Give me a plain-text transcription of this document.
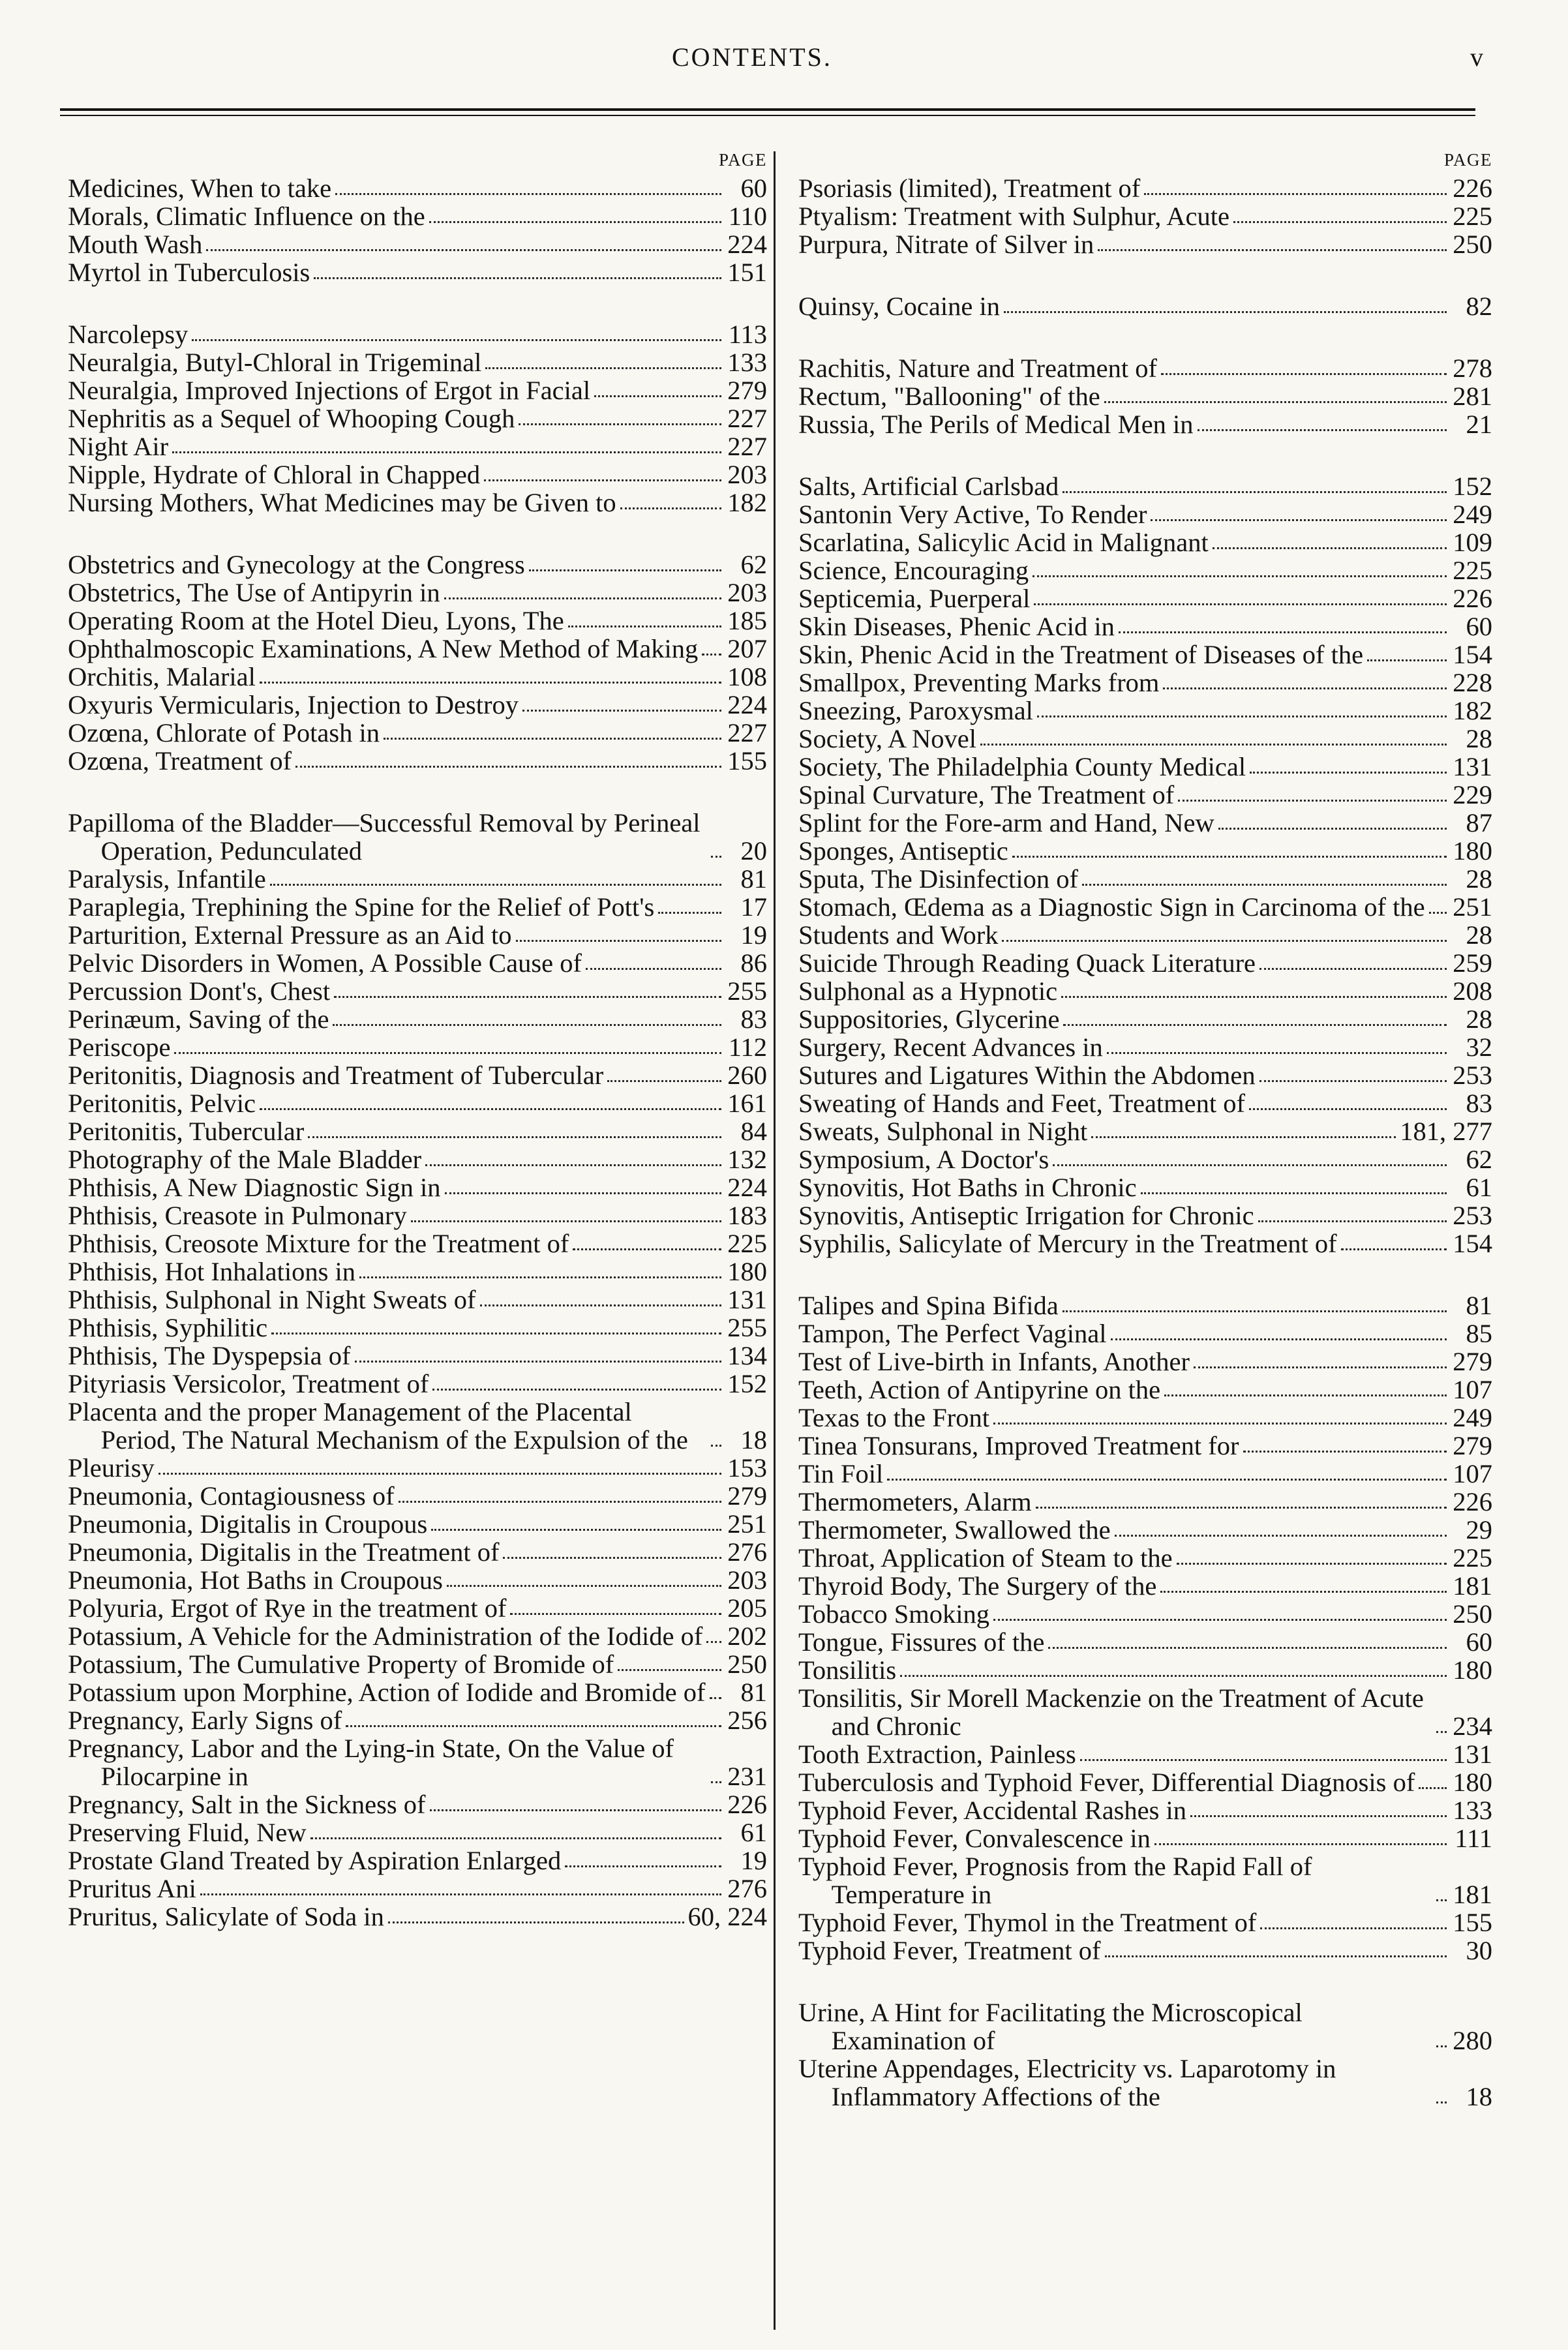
CONTENTS.	v
PAGE
Medicines, When to take	60
Morals, Climatic Influence on the	110
Mouth Wash	224
Myrtol in Tuberculosis	151
Narcolepsy	113
Neuralgia, Butyl-Chloral in Trigeminal	133
Neuralgia, Improved Injections of Ergot in Facial	279
Nephritis as a Sequel of Whooping Cough	227
Night Air	227
Nipple, Hydrate of Chloral in Chapped	203
Nursing Mothers, What Medicines may be Given to	182
Obstetrics and Gynecology at the Congress	62
Obstetrics, The Use of Antipyrin in	203
Operating Room at the Hotel Dieu, Lyons, The	185
Ophthalmoscopic Examinations, A New Method of Making 207
Orchitis, Malarial	108
Oxyuris Vermicularis, Injection to Destroy	224
Ozœna, Chlorate of Potash in	227
Ozœna, Treatment of	155
Papilloma of the Bladder—Successful Removal by Perineal Operation, Pedunculated	20
Paralysis, Infantile	81
Paraplegia, Trephining the Spine for the Relief of Pott's	17
Parturition, External Pressure as an Aid to	19
Pelvic Disorders in Women, A Possible Cause of	86
Percussion Dont's, Chest	255
Perinæum, Saving of the	83
Periscope	112
Peritonitis, Diagnosis and Treatment of Tubercular	260
Peritonitis, Pelvic	161
Peritonitis, Tubercular	84
Photography of the Male Bladder	132
Phthisis, A New Diagnostic Sign in	224
Phthisis, Creasote in Pulmonary	183
Phthisis, Creosote Mixture for the Treatment of	225
Phthisis, Hot Inhalations in	180
Phthisis, Sulphonal in Night Sweats of	131
Phthisis, Syphilitic	255
Phthisis, The Dyspepsia of	134
Pityriasis Versicolor, Treatment of	152
Placenta and the proper Management of the Placental Period, The Natural Mechanism of the Expulsion of the	18
Pleurisy	153
Pneumonia, Contagiousness of	279
Pneumonia, Digitalis in Croupous	251
Pneumonia, Digitalis in the Treatment of	276
Pneumonia, Hot Baths in Croupous	203
Polyuria, Ergot of Rye in the treatment of	205
Potassium, A Vehicle for the Administration of the Iodide of 202
Potassium, The Cumulative Property of Bromide of	250
Potassium upon Morphine, Action of Iodide and Bromide of	81
Pregnancy, Early Signs of	256
Pregnancy, Labor and the Lying-in State, On the Value of Pilocarpine in	231
Pregnancy, Salt in the Sickness of	226
Preserving Fluid, New	61
Prostate Gland Treated by Aspiration Enlarged	19
Pruritus Ani	276
Pruritus, Salicylate of Soda in	60, 224
PAGE
Psoriasis (limited), Treatment of	226
Ptyalism: Treatment with Sulphur, Acute	225
Purpura, Nitrate of Silver in	250
Quinsy, Cocaine in	82
Rachitis, Nature and Treatment of	278
Rectum, "Ballooning" of the	281
Russia, The Perils of Medical Men in	21
Salts, Artificial Carlsbad	152
Santonin Very Active, To Render	249
Scarlatina, Salicylic Acid in Malignant	109
Science, Encouraging	225
Septicemia, Puerperal	226
Skin Diseases, Phenic Acid in	60
Skin, Phenic Acid in the Treatment of Diseases of the	154
Smallpox, Preventing Marks from	228
Sneezing, Paroxysmal	182
Society, A Novel	28
Society, The Philadelphia County Medical	131
Spinal Curvature, The Treatment of	229
Splint for the Fore-arm and Hand, New	87
Sponges, Antiseptic	180
Sputa, The Disinfection of	28
Stomach, Œdema as a Diagnostic Sign in Carcinoma of the 251
Students and Work	28
Suicide Through Reading Quack Literature	259
Sulphonal as a Hypnotic	208
Suppositories, Glycerine	28
Surgery, Recent Advances in	32
Sutures and Ligatures Within the Abdomen	253
Sweating of Hands and Feet, Treatment of	83
Sweats, Sulphonal in Night	181, 277
Symposium, A Doctor's	62
Synovitis, Hot Baths in Chronic	61
Synovitis, Antiseptic Irrigation for Chronic	253
Syphilis, Salicylate of Mercury in the Treatment of	154
Talipes and Spina Bifida	81
Tampon, The Perfect Vaginal	85
Test of Live-birth in Infants, Another	279
Teeth, Action of Antipyrine on the	107
Texas to the Front	249
Tinea Tonsurans, Improved Treatment for	279
Tin Foil	107
Thermometers, Alarm	226
Thermometer, Swallowed the	29
Throat, Application of Steam to the	225
Thyroid Body, The Surgery of the	181
Tobacco Smoking	250
Tongue, Fissures of the	60
Tonsilitis	180
Tonsilitis, Sir Morell Mackenzie on the Treatment of Acute and Chronic	234
Tooth Extraction, Painless	131
Tuberculosis and Typhoid Fever, Differential Diagnosis of 180
Typhoid Fever, Accidental Rashes in	133
Typhoid Fever, Convalescence in	111
Typhoid Fever, Prognosis from the Rapid Fall of Temperature in	181
Typhoid Fever, Thymol in the Treatment of	155
Typhoid Fever, Treatment of	30
Urine, A Hint for Facilitating the Microscopical Examination of	280
Uterine Appendages, Electricity vs. Laparotomy in Inflammatory Affections of the	18
